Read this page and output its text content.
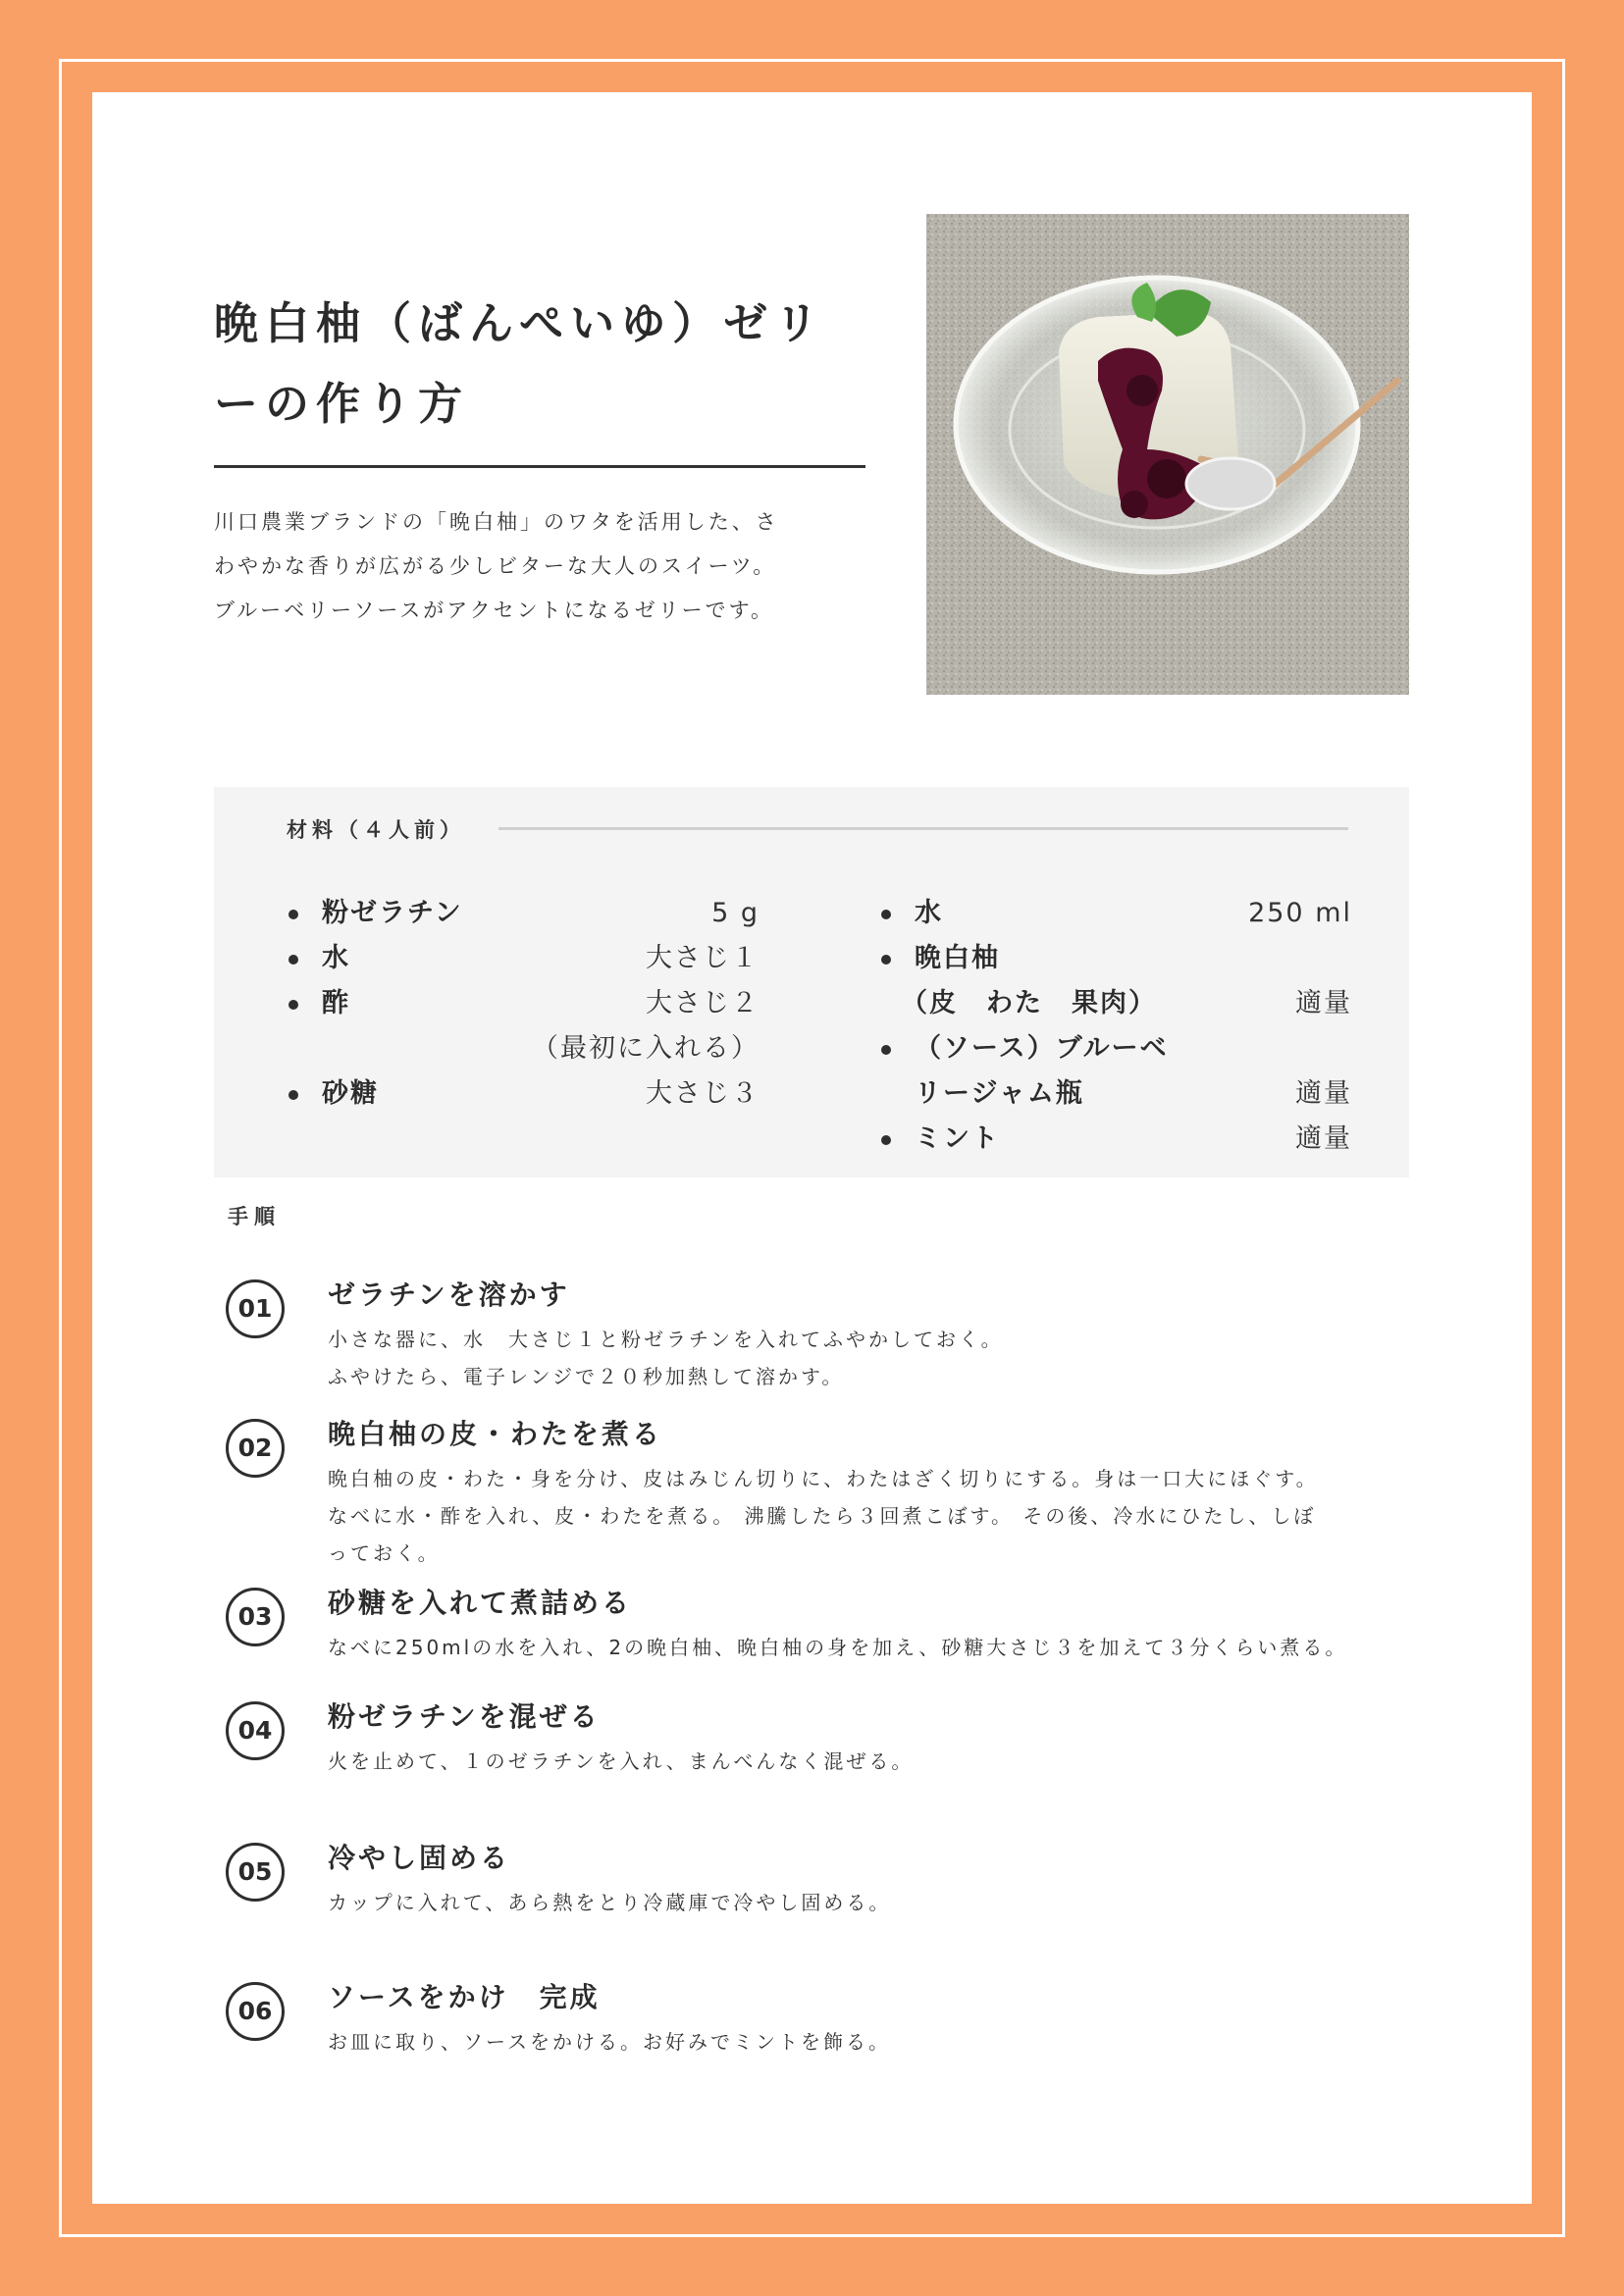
晩白柚（ばんぺいゆ）ゼリ
ーの作り方
川口農業ブランドの「晩白柚」のワタを活用した、さ
わやかな香りが広がる少しビターな大人のスイーツ。
ブルーベリーソースがアクセントになるゼリーです。
材料（４人前）
粉ゼラチン	5 g
水	大さじ１
酢	大さじ２
（最初に入れる）
砂糖	大さじ３
水	250 ml
晩白柚
（皮　わた　果肉）	適量
（ソース）ブルーベ
リージャム瓶	適量
ミント	適量
手順
01	ゼラチンを溶かす
小さな器に、水　大さじ１と粉ゼラチンを入れてふやかしておく。
ふやけたら、電子レンジで２０秒加熱して溶かす。
02	晩白柚の皮・わたを煮る
晩白柚の皮・わた・身を分け、皮はみじん切りに、わたはざく切りにする。身は一口大にほぐす。
なべに水・酢を入れ、皮・わたを煮る。 沸騰したら３回煮こぼす。 その後、冷水にひたし、しぼ
っておく。
03	砂糖を入れて煮詰める
なべに250mlの水を入れ、2の晩白柚、晩白柚の身を加え、砂糖大さじ３を加えて３分くらい煮る。
04	粉ゼラチンを混ぜる
火を止めて、１のゼラチンを入れ、まんべんなく混ぜる。
05	冷やし固める
カップに入れて、あら熱をとり冷蔵庫で冷やし固める。
06	ソースをかけ　完成
お皿に取り、ソースをかける。お好みでミントを飾る。
